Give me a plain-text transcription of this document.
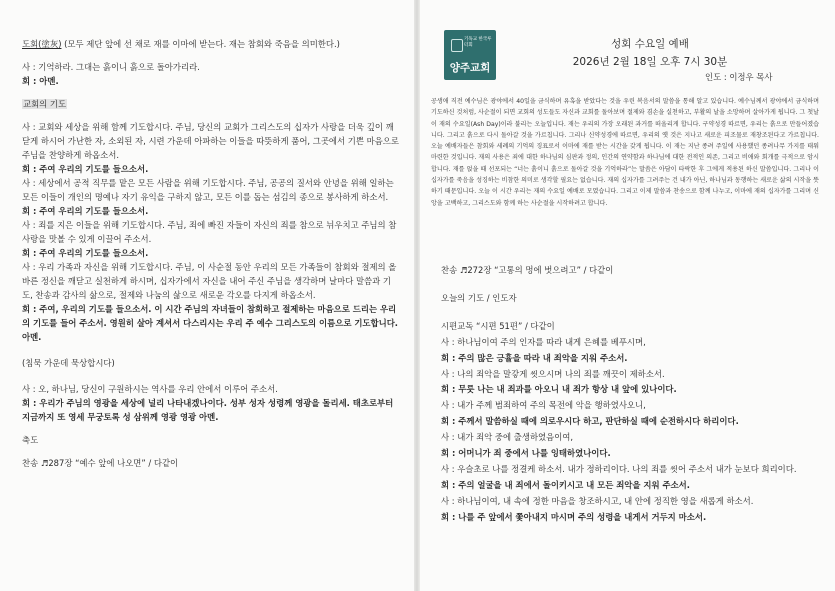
도회(塗灰) (모두 제단 앞에 선 채로 재를 이마에 받는다. 재는 참회와 죽음을 의미한다.)

사 : 기억하라. 그대는 흙이니 흙으로 돌아가리라.

회 : 아멘.

교회의 기도

사 : 교회와 세상을 위해 함께 기도합시다. 주님, 당신의 교회가 그리스도의 십자가 사랑을 더욱 깊이 깨닫게 하시어 가난한 자, 소외된 자, 시련 가운데 아파하는 이들을 따뜻하게 품어, 그곳에서 기쁜 마음으로 주님을 찬양하게 하옵소서.

회 : 주여 우리의 기도를 들으소서.

사 : 세상에서 공적 직무를 맡은 모든 사람을 위해 기도합시다. 주님, 공공의 질서와 안녕을 위해 일하는 모든 이들이 개인의 명예나 자기 유익을 구하지 않고, 모든 이를 돕는 섬김의 종으로 봉사하게 하소서.

회 : 주여 우리의 기도를 들으소서.

사 : 죄를 지은 이들을 위해 기도합시다. 주님, 죄에 빠진 자들이 자신의 죄를 참으로 뉘우치고 주님의 참사랑을 맛볼 수 있게 이끌어 주소서.

회 : 주여 우리의 기도를 들으소서.

사 : 우리 가족과 자신을 위해 기도합시다. 주님, 이 사순절 동안 우리의 모든 가족들이 참회와 절제의 올바른 정신을 깨닫고 실천하게 하시며, 십자가에서 자신을 내어 주신 주님을 생각하며 날마다 말씀과 기도, 찬송과 감사의 삶으로, 절제와 나눔의 삶으로 새로운 각오를 다지게 하옵소서.

회 : 주여, 우리의 기도를 들으소서. 이 시간 주님의 자녀들이 참회하고 절제하는 마음으로 드리는 우리의 기도를 들어 주소서. 영원히 살아 계셔서 다스리시는 우리 주 예수 그리스도의 이름으로 기도합니다. 아멘.

(침묵 가운데 묵상합시다)

사 : 오, 하나님, 당신이 구원하시는 역사를 우리 안에서 이루어 주소서.

회 : 우리가 주님의 영광을 세상에 널리 나타내겠나이다. 성부 성자 성령께 영광을 돌리세. 태초로부터 지금까지 또 영세 무궁토록 성 삼위께 영광 영광 아멘.

축도

찬송 ♬287장 “예수 앞에 나오면” / 다같이

기독교 한국루터회
양주교회
성회 수요일 예배
2026년 2월 18일 오후 7시 30분
인도 : 이정우 목사
공생애 직전 예수님은 광야에서 40일을 금식하며 유혹을 받았다는 것을 우린 복음서의 말씀을 통해 알고 있습니다. 예수님께서 광야에서 금식하며 기도하신 것처럼, 사순절이 되면 교회의 성도들도 자신과 교회를 돌아보며 절제와 겸손을 실천하고, 부활의 날을 소망하며 살아가게 됩니다. 그 첫날이 재의 수요일(Ash Day)이라 불리는 오늘입니다. 재는 우리의 가장 오래된 과거를 떠올리게 합니다. 구약성경 따르면, 우리는 흙으로 만들어졌습니다. 그리고 흙으로 다시 돌아갈 것을 가르칩니다. 그리나 신약성경에 따르면, 우리의 옛 것은 지나고 새로운 피조물로 재창조된다고 가르칩니다. 오늘 예배자들은 참회와 세례의 기억의 징표로서 이마에 재를 받는 시간을 갖게 됩니다. 이 재는 지난 종려 주일에 사용했던 종려나무 가지를 태워 마련한 것입니다. 재의 사용은 죄에 대한 하나님의 심판과 정의, 인간의 연약함과 하나님에 대한 전적인 의존, 그리고 비애와 회개를 극적으로 암시합니다. 재를 얹을 때 선포되는 “너는 흙이니 흙으로 돌아갈 것을 기억하라”는 말씀은 아담이 타락한 후 그에게 적용된 하신 말씀입니다. 그리나 이 십자가를 죽음을 성징하는 비참한 의미로 생각할 필요는 없습니다. 재의 십자가를 그려주는 건 내가 아닌, 하나님과 동행하는 새로운 삶의 시작을 뜻하기 때문입니다. 오늘 이 시간 우리는 재의 수요일 예배로 모였습니다. 그리고 이제 말씀과 찬송으로 함께 나누고, 이마에 재의 십자가를 그리며 신앙을 고백하고, 그리스도와 함께 하는 사순절을 시작하려고 합니다.

찬송 ♬272장 “고통의 멍에 벗으려고” / 다같이

오늘의 기도 / 인도자

시편교독 “시편 51편” / 다같이

사 : 하나님이여 주의 인자를 따라 내게 은혜를 베푸시며,

회 : 주의 많은 긍휼을 따라 내 죄악을 지워 주소서.

사 : 나의 죄악을 말갛게 씻으시며 나의 죄를 깨끗이 제하소서.

회 : 무릇 나는 내 죄과를 아오니 내 죄가 항상 내 앞에 있나이다.

사 : 내가 주께 범죄하여 주의 목전에 악을 행하였사오니,

회 : 주께서 말씀하실 때에 의로우시다 하고, 판단하실 때에 순전하시다 하리이다.

사 : 내가 죄악 중에 출생하였음이여,

회 : 어머니가 죄 중에서 나를 잉태하였나이다.

사 : 우슬초로 나를 정결케 하소서. 내가 정하리이다. 나의 죄를 씻어 주소서 내가 눈보다 희리이다.

회 : 주의 얼굴을 내 죄에서 돌이키시고 내 모든 죄악을 지워 주소서.

사 : 하나님이여, 내 속에 정한 마음을 창조하시고, 내 안에 정직한 영을 새롭게 하소서.

회 : 나를 주 앞에서 쫓아내지 마시며 주의 성령을 내게서 거두지 마소서.
